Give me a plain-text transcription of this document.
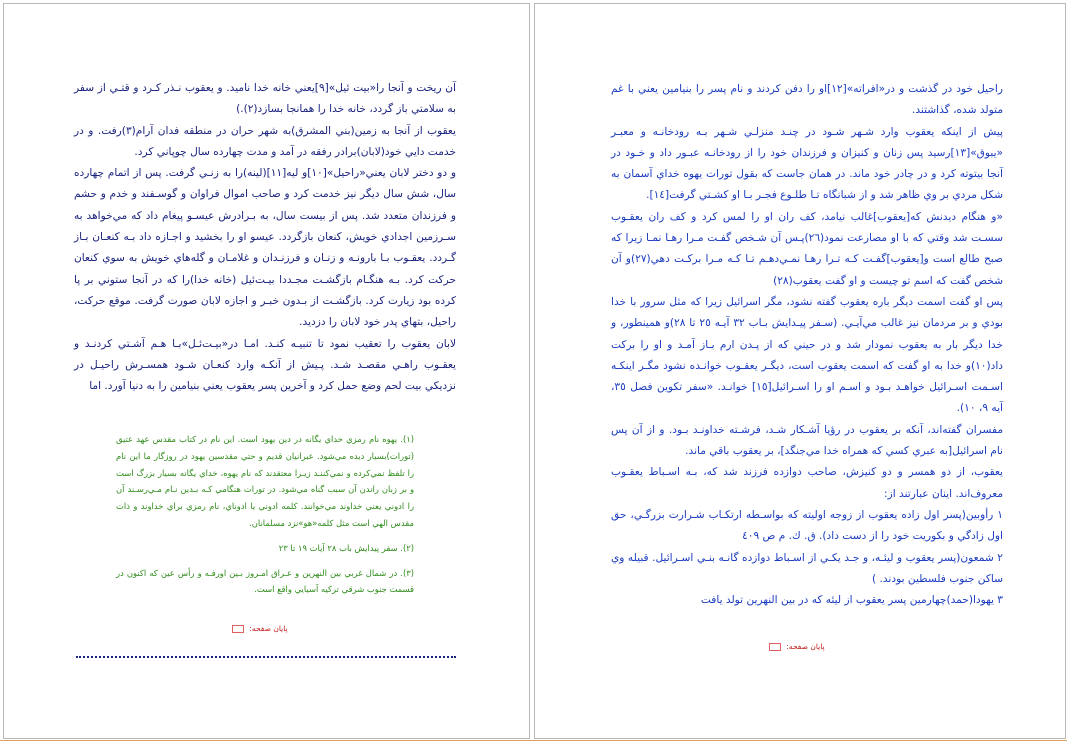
آن ريخت و آنجا را«بيت ئيل»[٩]يعني خانه خدا ناميد. و يعقوب نـذر كـرد و قتـي از سفر به سلامتي باز گردد، خانه خدا را همانجا بسازد(٢).)

يعقوب از آنجا به زمين(بني المشرق)به شهر حران در منطقه فدان آرام(٣)رفت. و در خدمت دايي خود(لابان)برادر رفقه در آمد و مدت چهارده سال چوپاني كرد.

و دو دختر لابان يعني«راحيل»[١٠]و ليه[١١](لينه)را به زنـي گرفت. پس از اتمام چهارده سال، شش سال ديگر نيز خدمت كرد و صاحب اموال فراوان و گوسـفند و خدم و حشم و فرزندان متعدد شد. پس از بيست سال، به بـرادرش عيسـو پيغام داد كه مي‌خواهد به سـرزمين اجدادي خويش، كنعان بازگردد. عيسو او را بخشيد و اجـازه داد بـه كنعـان بـاز گـردد. يعقـوب بـا بارونـه و زنـان و فرزنـدان و غلامـان و گله‌هاي خويش به سوي كنعان حركت كرد. بـه هنگـام بازگشـت مجـددا بيـت‌ئيل (خانه خدا)را كه در آنجا ستوني بر پا كرده بود زيارت كرد. بازگشـت از بـدون خبـر و اجازه لابان صورت گرفت. موقع حركت، راحيل، بتهاي پدر خود لابان را دزديد.

لابان يعقوب را تعقيب نمود تا تنبيـه كنـد. امـا در«بيـت‌ئـل»بـا هـم آشـتي كردنـد و يعقـوب راهـي مقصـد شـد. پـيش از آنكـه وارد كنعـان شـود همسـرش راحيـل در نزديكي بيت لحم وضع حمل كرد و آخرين پسر يعقوب يعني بنيامين را به دنيا آورد. اما

(١). يهوه نام رمزي خداي يگانه در دين يهود است. اين نام در كتاب مقدس عهد عتيق (تورات)بسيار ديده مي‌شود. عبرانيان قديم و حتي مقدسين يهود در روزگار ما اين نام را تلفظ نمي‌كرده و نمي‌كننـد زيـرا معتقدند كه نام يهوه، خداي يگانه بسيار بزرگ است و بر زبان راندن آن سبب گناه مي‌شود. در تورات هنگامي كـه بـدين نـام مـي‌رسـند آن را ادوني يعني خداوند مي‌خوانند. كلمه ادوني يا ادوناي، نام رمزي براي خداوند و ذات مقدس الهي است مثل كلمه«هو»نزد مسلمانان.

(٢). سفر پيدايش باب ٢٨ آيات ١٩ تا ٢٣

(٣). در شمال غربي بين النهرين و عـراق امـروز بـين اورفـه و رأس عين كه اكنون در قسمت جنوب شرقي تركيه آسيايي واقع است.

پايان صفحه:

راحيل خود در گذشت و در«افراته»[١٢]او را دفن كردند و نام پسر را بنيامين يعني با غم متولد شده، گذاشتند.

پيش از اينكه يعقوب وارد شـهر شـود در چنـد منزلـي شـهر بـه رودخانـه و معبـر «يبوق»[١٣]رسيد پس زنان و كنيزان و فرزندان خود را از رودخانـه عبـور داد و خـود در آنجا بيتوته كرد و در چادر خود ماند. در همان جاست كه بقول تورات يهوه خداي آسمان به شكل مردي بر وي ظاهر شد و از شبانگاه تـا طلـوع فجـر بـا او كشـتي گرفت[١٤].

«و هنگام ديدنش كه[يعقوب]غالب نيامد، كف ران او را لمس كرد و كف ران يعقـوب سسـت شد وقتي كه با او مصارعت نمود(٢٦)پـس آن شـخص گفـت مـرا رهـا نمـا زيرا كه صبح طالع است و[يعقوب]گفـت كـه تـرا رهـا نمـي‌دهـم تـا كـه مـرا بركـت دهي(٢٧)و آن شخص گفت كه اسم تو چيست و او گفت يعقوب(٢٨)

پس او گفت اسمت ديگر باره يعقوب گفته نشود، مگر اسرائيل زيرا كه مثل سرور با خدا بودي و بر مردمان نيز غالب مي‌آيـي. (سـفر پيـدايش بـاب ٣٢ آيـه ٢٥ تا ٢٨)و همينطور، و خدا ديگر بار به يعقوب نمودار شد و در حيني كه از پـدن ارم بـاز آمـد و او را بركت داد(١٠)و خدا به او گفت كه اسمت يعقوب است، ديگـر يعقـوب خوانـده نشود مگـر اينكـه اسـمت اسـرائيل خواهـد بـود و اسـم او را اسـرائيل[١٥] خوانـد. «سفر تكوين فصل ٣٥، آيه ٩، ١٠).

مفسران گفته‌اند، آنكه بر يعقوب در رؤيا آشـكار شـد، فرشـته خداونـد بـود. و از آن پس نام اسرائيل[به عبري كسي كه همراه خدا مي‌جنگد]، بر يعقوب باقي ماند.

يعقوب، از دو همسر و دو كنيزش، صاحب دوازده فرزند شد كه، بـه اسـباط يعقـوب معروف‌اند. اينان عبارتند از:

١ رأوبين(پسر اول زاده يعقوب از زوجه اوليته كه بواسـطه ارتكـاب شـرارت بزرگـي، حق اول زادگي و بكوريت خود را از دست داد). ق. ك. م ص ٤٠٩

٢ شمعون(پسر يعقوب و ليئـه، و جـد يكـي از اسـباط دوازده گانـه بنـي اسـرائيل. قبيله وي ساكن جنوب فلسطين بودند. )

٣ يهودا(حمد)چهارمين پسر يعقوب از ليئه كه در بين النهرين تولد يافت

پايان صفحه:
